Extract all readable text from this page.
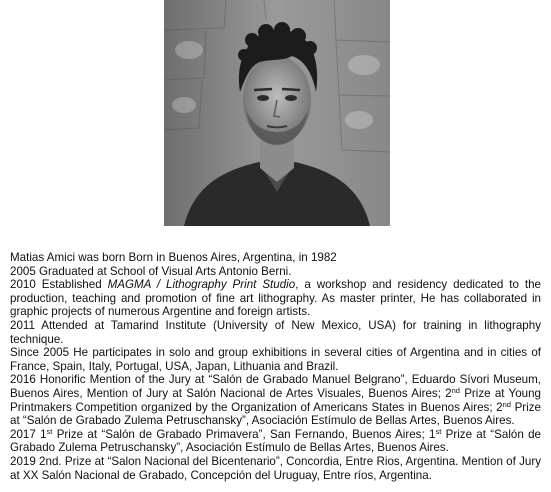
Matias Amici was born Born in Buenos Aires, Argentina, in 1982

2005 Graduated at School of Visual Arts Antonio Berni.

2010 Established MAGMA / Lithography Print Studio, a workshop and residency dedicated to the production, teaching and promotion of fine art lithography. As master printer, He has collaborated in graphic projects of numerous Argentine and foreign artists.

2011 Attended at Tamarind Institute (University of New Mexico, USA) for training in lithography technique.

Since 2005 He participates in solo and group exhibitions in several cities of Argentina and in cities of France, Spain, Italy, Portugal, USA, Japan, Lithuania and Brazil.

2016 Honorific Mention of the Jury at “Salón de Grabado Manuel Belgrano”, Eduardo Sívori Museum, Buenos Aires, Mention of Jury at Salón Nacional de Artes Visuales, Buenos Aires; 2nd Prize at Young Printmakers Competition organized by the Organization of Americans States in Buenos Aires; 2nd Prize at “Salón de Grabado Zulema Petruschansky”, Asociación Estímulo de Bellas Artes, Buenos Aires.

2017 1st Prize at “Salón de Grabado Primavera”, San Fernando, Buenos Aires; 1st Prize at “Salón de Grabado Zulema Petruschansky”, Asociación Estímulo de Bellas Artes, Buenos Aires.

2019 2nd. Prize at “Salon Nacional del Bicentenario”, Concordia, Entre Rios, Argentina. Mention of Jury at XX Salón Nacional de Grabado, Concepción del Uruguay, Entre ríos, Argentina.
